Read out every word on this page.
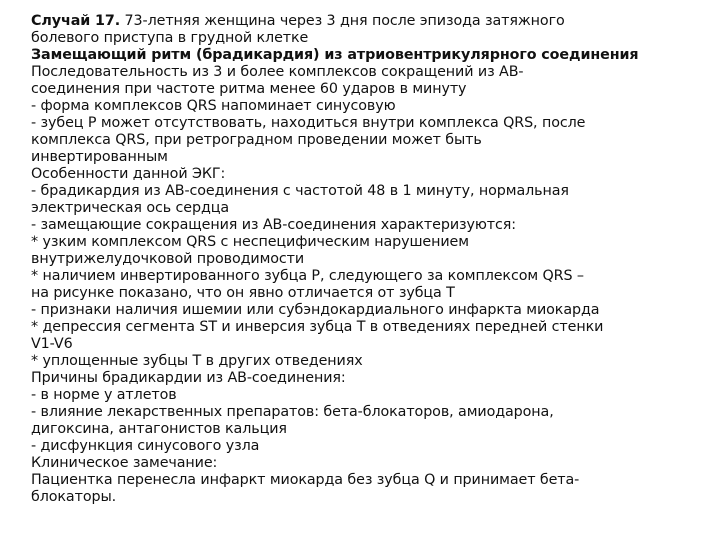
Случай 17. 73-летняя женщина через 3 дня после эпизода затяжного
болевого приступа в грудной клетке
Замещающий ритм (брадикардия) из атриовентрикулярного соединения
Последовательность из 3 и более комплексов сокращений из АВ-
соединения при частоте ритма менее 60 ударов в минуту
- форма комплексов QRS напоминает синусовую
- зубец Р может отсутствовать, находиться внутри комплекса QRS, после
комплекса QRS, при ретроградном проведении может быть
инвертированным
Особенности данной ЭКГ:
- брадикардия из АВ-соединения с частотой 48 в 1 минуту, нормальная
электрическая ось сердца
- замещающие сокращения из АВ-соединения характеризуются:
* узким комплексом QRS с неспецифическим нарушением
внутрижелудочковой проводимости
* наличием инвертированного зубца Р, следующего за комплексом QRS –
на рисунке показано, что он явно отличается от зубца Т
- признаки наличия ишемии или субэндокардиального инфаркта миокарда
* депрессия сегмента ST и инверсия зубца Т в отведениях передней стенки
V1-V6
* уплощенные зубцы Т в других отведениях
Причины брадикардии из АВ-соединения:
- в норме у атлетов
- влияние лекарственных препаратов: бета-блокаторов, амиодарона,
дигоксина, антагонистов кальция
- дисфункция синусового узла
Клиническое замечание:
Пациентка перенесла инфаркт миокарда без зубца Q и принимает бета-
блокаторы.
